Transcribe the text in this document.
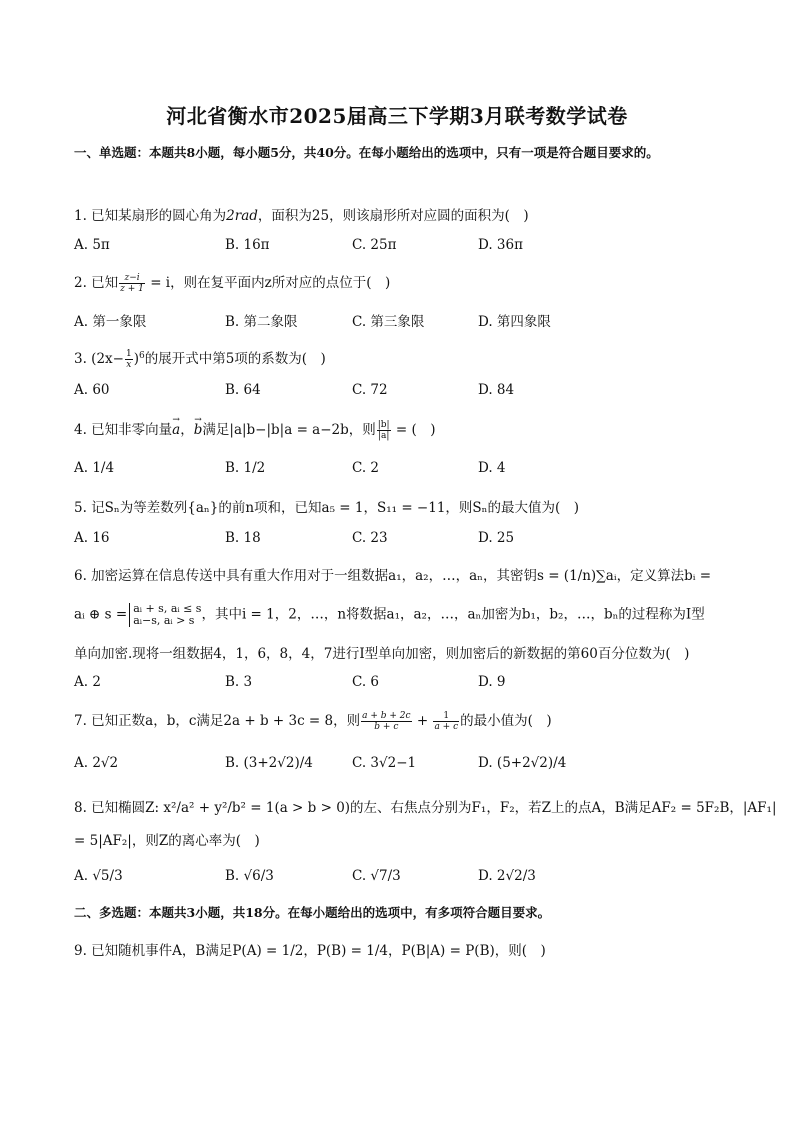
河北省衡水市2025届高三下学期3月联考数学试卷
一、单选题：本题共8小题，每小题5分，共40分。在每小题给出的选项中，只有一项是符合题目要求的。
1. 已知某扇形的圆心角为2rad，面积为25，则该扇形所对应圆的面积为(　)
A. 5π	B. 16π	C. 25π	D. 36π
2. 已知 $\frac{z-i}{z + 1} = i$，则在复平面内z所对应的点位于(　)
A. 第一象限	B. 第二象限	C. 第三象限	D. 第四象限
3. $(2x- \frac{1}{x} )^6$的展开式中第5项的系数为(　)
A. 60	B. 64	C. 72	D. 84
4. 已知非零向量→ a，→ b满足|a|b−|b|a = a−2b，则 $\frac{|b|}{|a|}$ = (　)
A. 1/4	B. 1/2	C. 2	D. 4
5. 记Sₙ为等差数列{aₙ}的前n项和，已知a₅ = 1，S₁₁ = −11，则Sₙ的最大值为(　)
A. 16	B. 18	C. 23	D. 25
6. 加密运算在信息传送中具有重大作用对于一组数据a₁，a₂，…，aₙ，其密钥s = (1/n)∑aᵢ，定义算法bᵢ =
aᵢ ⊕ s = aᵢ + s, aᵢ ≤ s
aᵢ−s, aᵢ > s ，其中i = 1，2，…，n将数据a₁，a₂，…，aₙ加密为b₁，b₂，…，bₙ的过程称为I型
单向加密.现将一组数据4，1，6，8，4，7进行I型单向加密，则加密后的新数据的第60百分位数为(　)
A. 2	B. 3	C. 6	D. 9
7. 已知正数a，b，c满足2a + b + 3c = 8，则 $\frac{a + b + 2c}{b + c} + \frac{1}{a + c}$ 的最小值为(　)
A. 2√2	B. (3+2√2)/4	C. 3√2−1	D. (5+2√2)/4
8. 已知椭圆Z: x²/a² + y²/b² = 1(a > b > 0)的左、右焦点分别为F₁，F₂，若Z上的点A，B满足AF₂ = 5F₂B，|AF₁|
= 5|AF₂|，则Z的离心率为(　)
A. √5/3	B. √6/3	C. √7/3	D. 2√2/3
二、多选题：本题共3小题，共18分。在每小题给出的选项中，有多项符合题目要求。
9. 已知随机事件A，B满足P(A) = 1/2，P(B) = 1/4，P(B|A) = P(B)，则(　)
